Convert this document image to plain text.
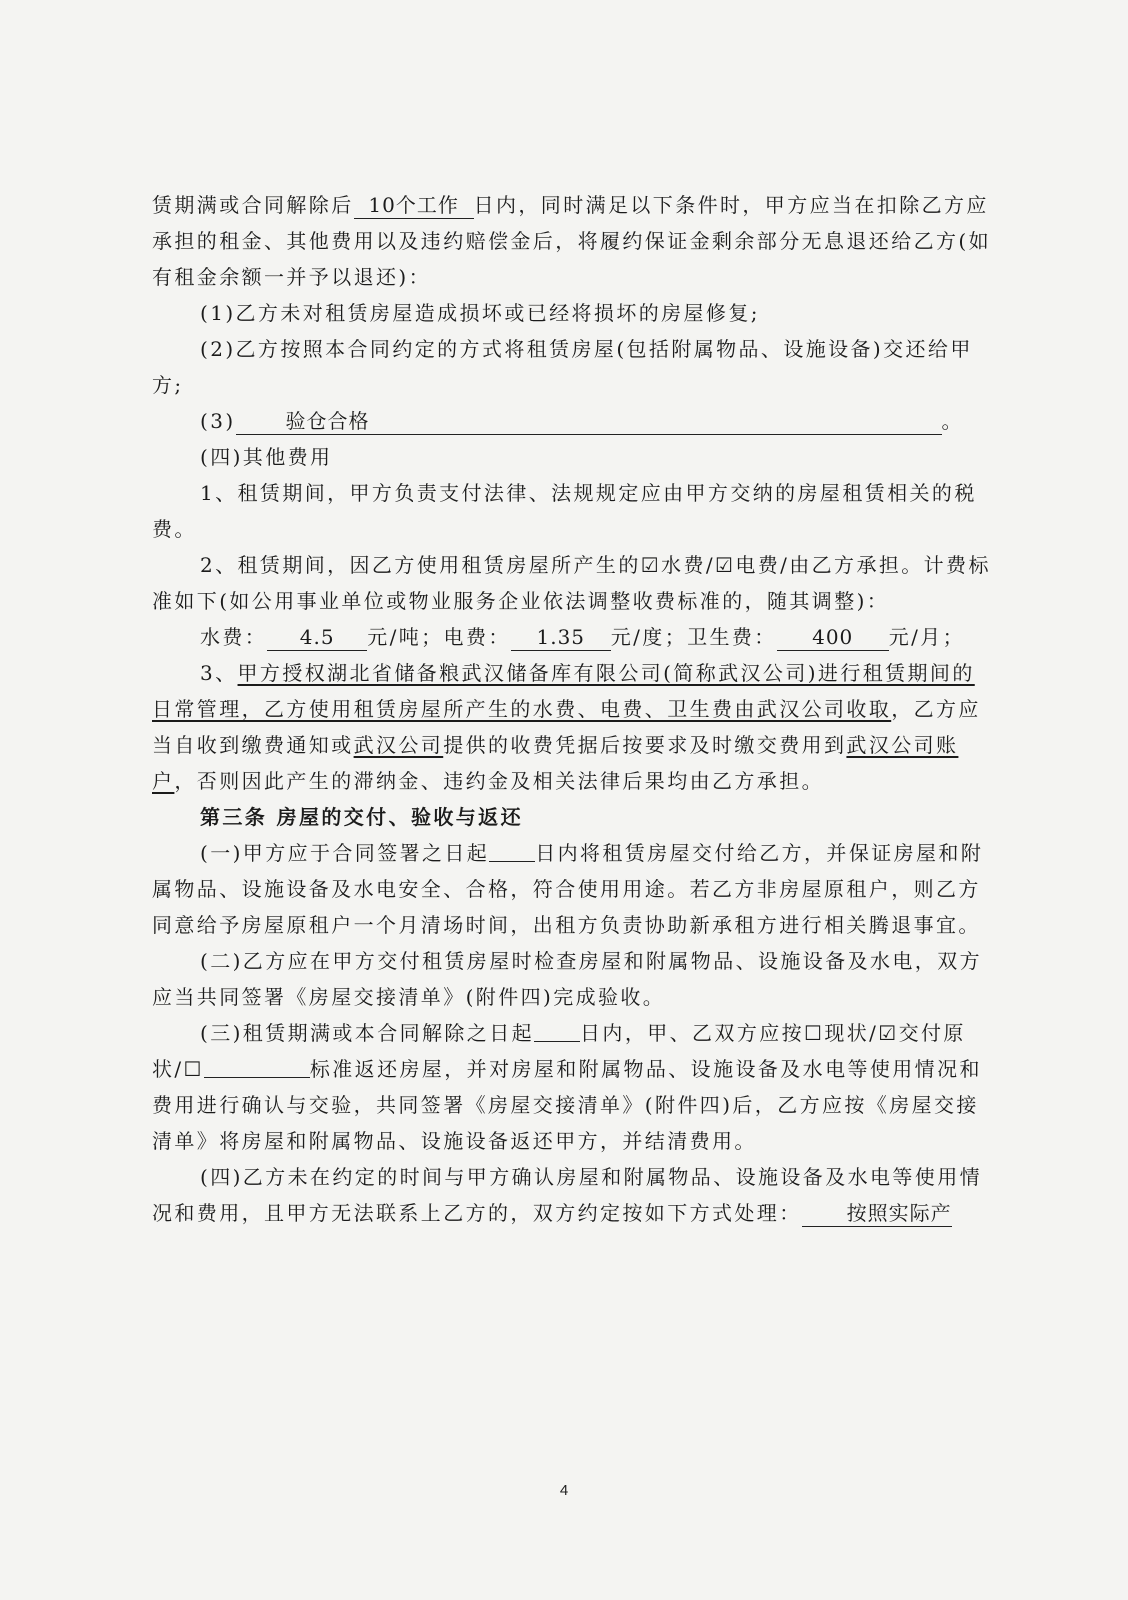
赁期满或合同解除后 10个工作 日内，同时满足以下条件时，甲方应当在扣除乙方应承担的租金、其他费用以及违约赔偿金后，将履约保证金剩余部分无息退还给乙方(如有租金余额一并予以退还)：

(1)乙方未对租赁房屋造成损坏或已经将损坏的房屋修复;

(2)乙方按照本合同约定的方式将租赁房屋(包括附属物品、设施设备)交还给甲方;

(3)	验仓合格	。

(四)其他费用

1、租赁期间，甲方负责支付法律、法规规定应由甲方交纳的房屋租赁相关的税费。

2、租赁期间，因乙方使用租赁房屋所产生的☑水费/☑电费/由乙方承担。计费标准如下(如公用事业单位或物业服务企业依法调整收费标准的，随其调整)：

水费： 4.5 元/吨；电费： 1.35 元/度；卫生费： 400 元/月；

3、甲方授权湖北省储备粮武汉储备库有限公司(简称武汉公司)进行租赁期间的日常管理，乙方使用租赁房屋所产生的水费、电费、卫生费由武汉公司收取，乙方应当自收到缴费通知或武汉公司提供的收费凭据后按要求及时缴交费用到武汉公司账户，否则因此产生的滞纳金、违约金及相关法律后果均由乙方承担。

第三条 房屋的交付、验收与返还

(一)甲方应于合同签署之日起 日内将租赁房屋交付给乙方，并保证房屋和附属物品、设施设备及水电安全、合格，符合使用用途。若乙方非房屋原租户，则乙方同意给予房屋原租户一个月清场时间，出租方负责协助新承租方进行相关腾退事宜。

(二)乙方应在甲方交付租赁房屋时检查房屋和附属物品、设施设备及水电，双方应当共同签署《房屋交接清单》(附件四)完成验收。

(三)租赁期满或本合同解除之日起 日内，甲、乙双方应按☐现状/☑交付原状/☐	标准返还房屋，并对房屋和附属物品、设施设备及水电等使用情况和费用进行确认与交验，共同签署《房屋交接清单》(附件四)后，乙方应按《房屋交接清单》将房屋和附属物品、设施设备返还甲方，并结清费用。

(四)乙方未在约定的时间与甲方确认房屋和附属物品、设施设备及水电等使用情况和费用，且甲方无法联系上乙方的，双方约定按如下方式处理： 按照实际产

4
